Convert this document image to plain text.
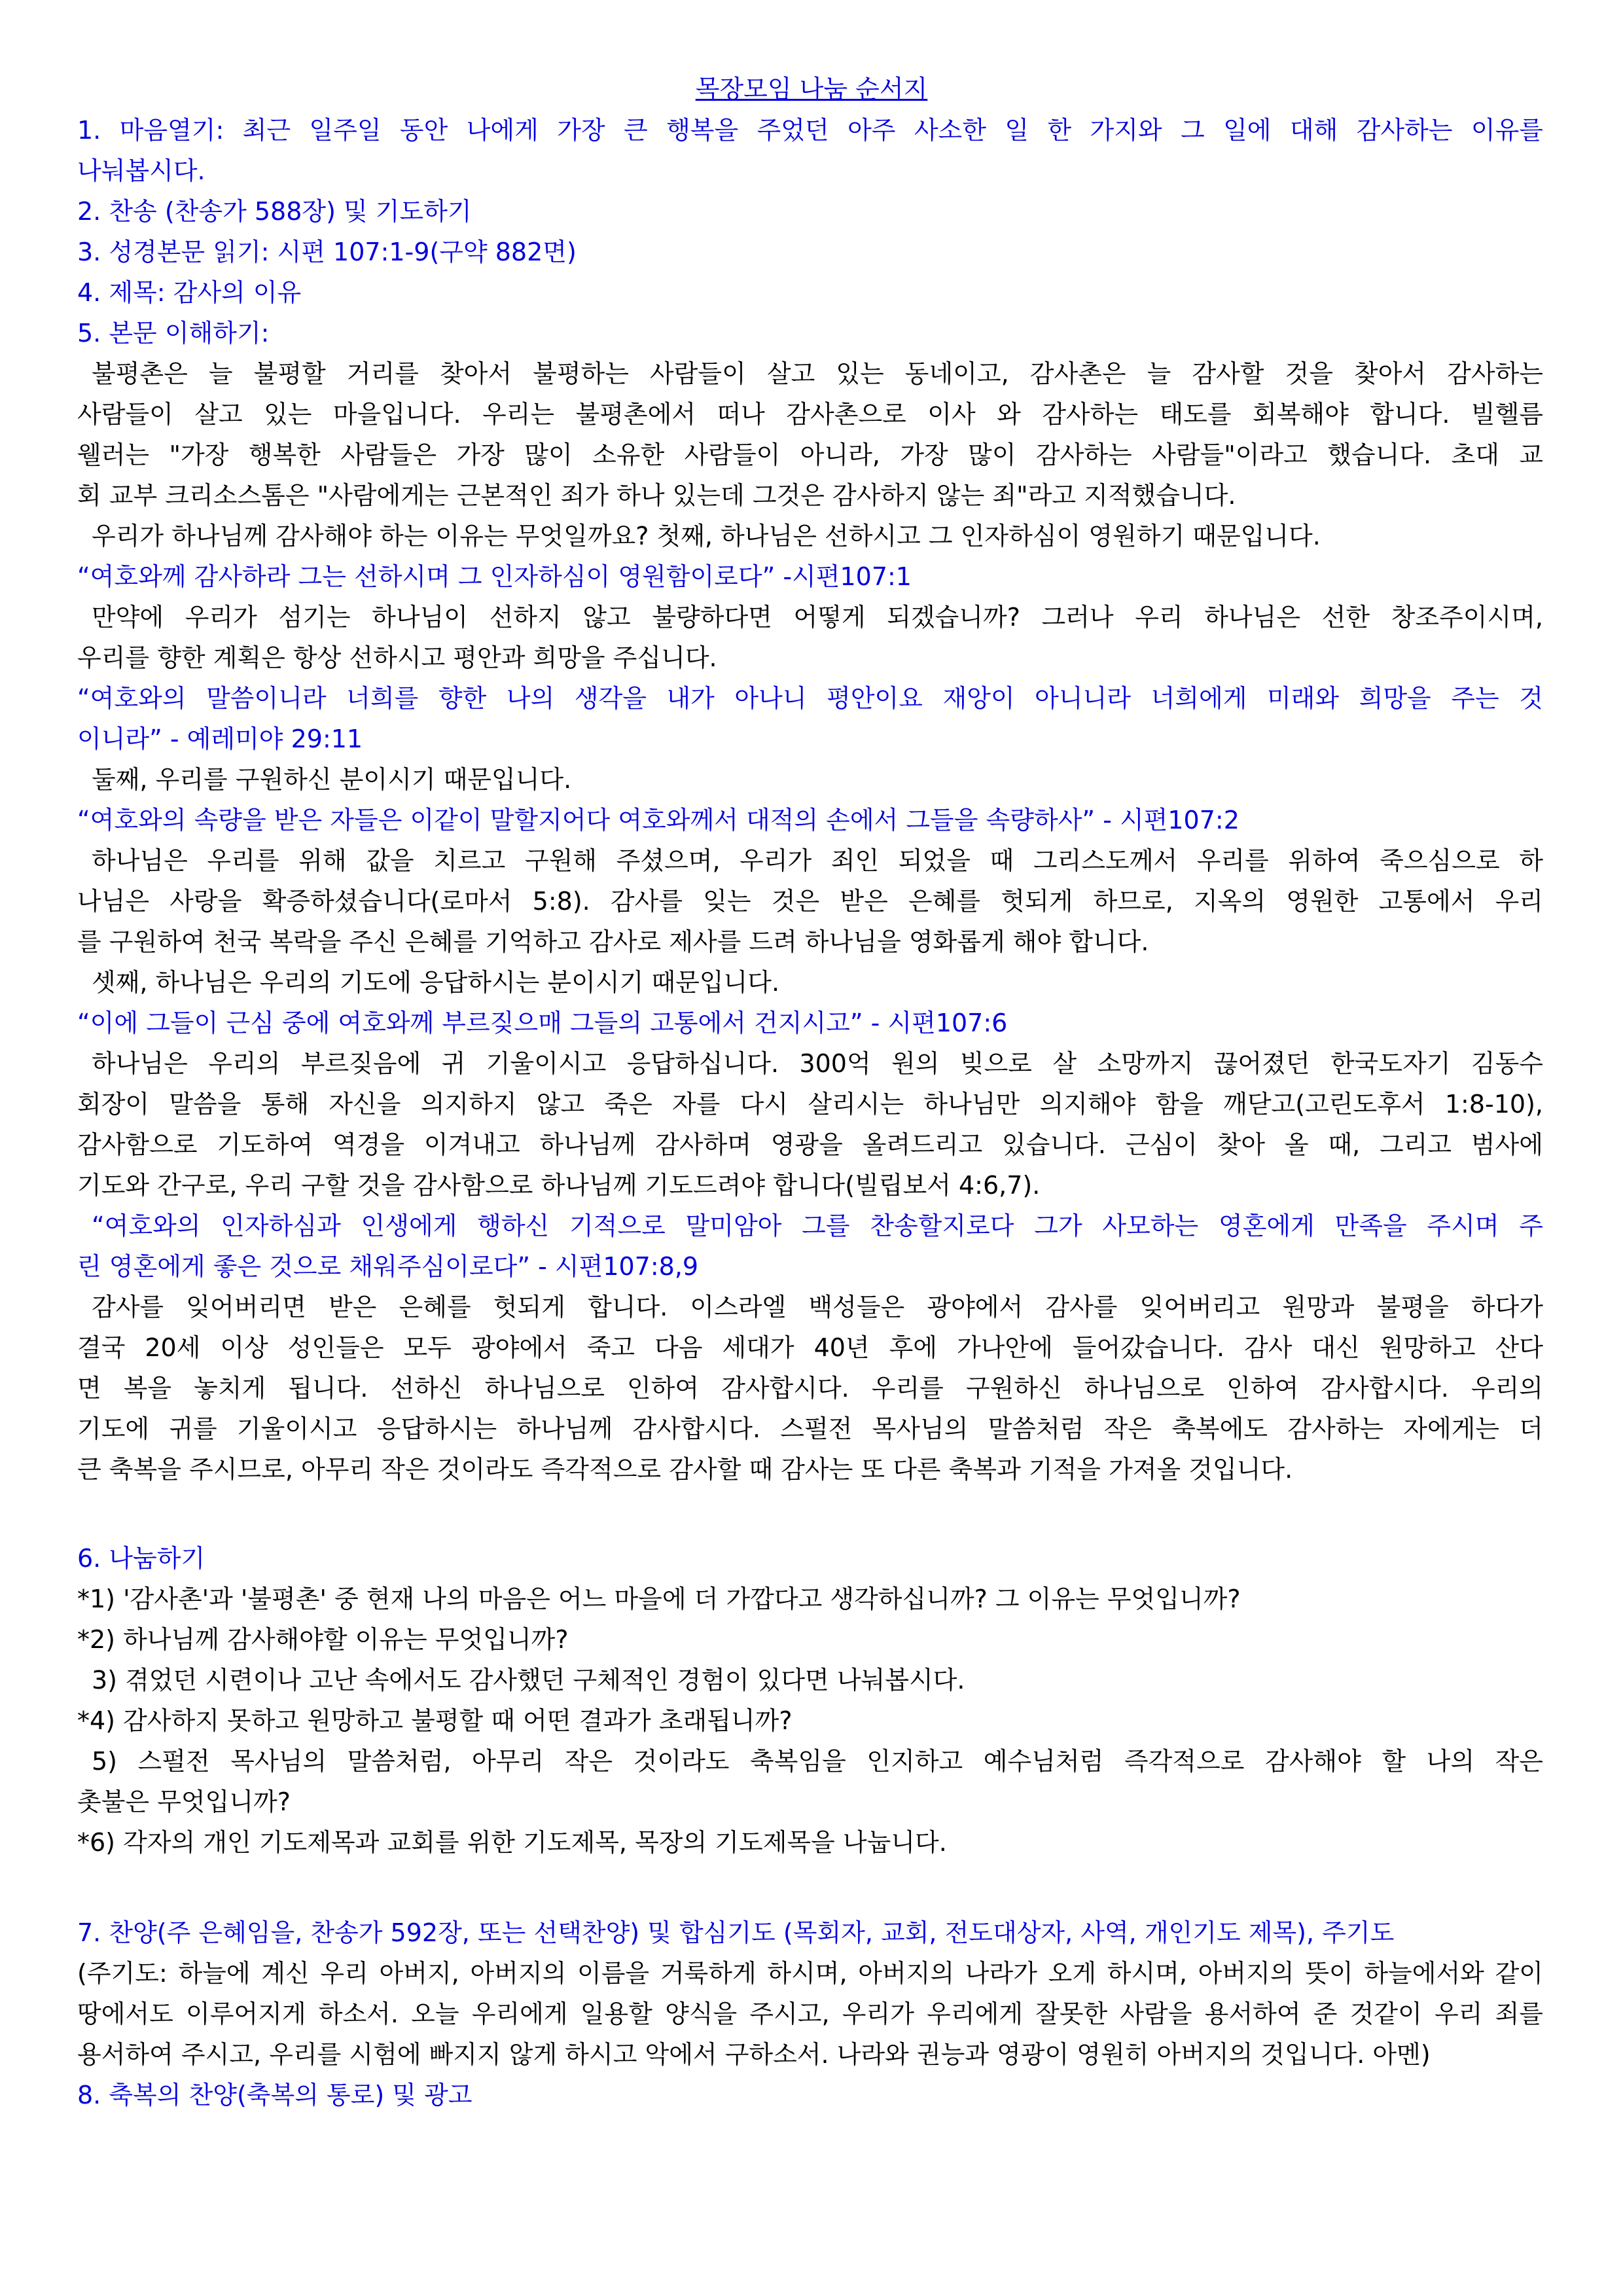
목장모임 나눔 순서지
1. 마음열기: 최근 일주일 동안 나에게 가장 큰 행복을 주었던 아주 사소한 일 한 가지와 그 일에 대해 감사하는 이유를
나눠봅시다.
2. 찬송 (찬송가 588장) 및 기도하기
3. 성경본문 읽기: 시편 107:1-9(구약 882면)
4. 제목: 감사의 이유
5. 본문 이해하기:
불평촌은 늘 불평할 거리를 찾아서 불평하는 사람들이 살고 있는 동네이고, 감사촌은 늘 감사할 것을 찾아서 감사하는
사람들이 살고 있는 마을입니다. 우리는 불평촌에서 떠나 감사촌으로 이사 와 감사하는 태도를 회복해야 합니다. 빌헬름
웰러는 "가장 행복한 사람들은 가장 많이 소유한 사람들이 아니라, 가장 많이 감사하는 사람들"이라고 했습니다. 초대 교
회 교부 크리소스톰은 "사람에게는 근본적인 죄가 하나 있는데 그것은 감사하지 않는 죄"라고 지적했습니다.
우리가 하나님께 감사해야 하는 이유는 무엇일까요? 첫째, 하나님은 선하시고 그 인자하심이 영원하기 때문입니다.
“여호와께 감사하라 그는 선하시며 그 인자하심이 영원함이로다” -시편107:1
만약에 우리가 섬기는 하나님이 선하지 않고 불량하다면 어떻게 되겠습니까? 그러나 우리 하나님은 선한 창조주이시며,
우리를 향한 계획은 항상 선하시고 평안과 희망을 주십니다.
“여호와의 말씀이니라 너희를 향한 나의 생각을 내가 아나니 평안이요 재앙이 아니니라 너희에게 미래와 희망을 주는 것
이니라” - 예레미야 29:11
둘째, 우리를 구원하신 분이시기 때문입니다.
“여호와의 속량을 받은 자들은 이같이 말할지어다 여호와께서 대적의 손에서 그들을 속량하사” - 시편107:2
하나님은 우리를 위해 값을 치르고 구원해 주셨으며, 우리가 죄인 되었을 때 그리스도께서 우리를 위하여 죽으심으로 하
나님은 사랑을 확증하셨습니다(로마서 5:8). 감사를 잊는 것은 받은 은혜를 헛되게 하므로, 지옥의 영원한 고통에서 우리
를 구원하여 천국 복락을 주신 은혜를 기억하고 감사로 제사를 드려 하나님을 영화롭게 해야 합니다.
셋째, 하나님은 우리의 기도에 응답하시는 분이시기 때문입니다.
“이에 그들이 근심 중에 여호와께 부르짖으매 그들의 고통에서 건지시고” - 시편107:6
하나님은 우리의 부르짖음에 귀 기울이시고 응답하십니다. 300억 원의 빚으로 살 소망까지 끊어졌던 한국도자기 김동수
회장이 말씀을 통해 자신을 의지하지 않고 죽은 자를 다시 살리시는 하나님만 의지해야 함을 깨닫고(고린도후서 1:8-10),
감사함으로 기도하여 역경을 이겨내고 하나님께 감사하며 영광을 올려드리고 있습니다. 근심이 찾아 올 때, 그리고 범사에
기도와 간구로, 우리 구할 것을 감사함으로 하나님께 기도드려야 합니다(빌립보서 4:6,7).
“여호와의 인자하심과 인생에게 행하신 기적으로 말미암아 그를 찬송할지로다 그가 사모하는 영혼에게 만족을 주시며 주
린 영혼에게 좋은 것으로 채워주심이로다” - 시편107:8,9
감사를 잊어버리면 받은 은혜를 헛되게 합니다. 이스라엘 백성들은 광야에서 감사를 잊어버리고 원망과 불평을 하다가
결국 20세 이상 성인들은 모두 광야에서 죽고 다음 세대가 40년 후에 가나안에 들어갔습니다. 감사 대신 원망하고 산다
면 복을 놓치게 됩니다. 선하신 하나님으로 인하여 감사합시다. 우리를 구원하신 하나님으로 인하여 감사합시다. 우리의
기도에 귀를 기울이시고 응답하시는 하나님께 감사합시다. 스펄전 목사님의 말씀처럼 작은 축복에도 감사하는 자에게는 더
큰 축복을 주시므로, 아무리 작은 것이라도 즉각적으로 감사할 때 감사는 또 다른 축복과 기적을 가져올 것입니다.
6. 나눔하기
*1) '감사촌'과 '불평촌' 중 현재 나의 마음은 어느 마을에 더 가깝다고 생각하십니까? 그 이유는 무엇입니까?
*2) 하나님께 감사해야할 이유는 무엇입니까?
3) 겪었던 시련이나 고난 속에서도 감사했던 구체적인 경험이 있다면 나눠봅시다.
*4) 감사하지 못하고 원망하고 불평할 때 어떤 결과가 초래됩니까?
5) 스펄전 목사님의 말씀처럼, 아무리 작은 것이라도 축복임을 인지하고 예수님처럼 즉각적으로 감사해야 할 나의 작은
촛불은 무엇입니까?
*6) 각자의 개인 기도제목과 교회를 위한 기도제목, 목장의 기도제목을 나눕니다.
7. 찬양(주 은혜임을, 찬송가 592장, 또는 선택찬양) 및 합심기도 (목회자, 교회, 전도대상자, 사역, 개인기도 제목), 주기도
(주기도: 하늘에 계신 우리 아버지, 아버지의 이름을 거룩하게 하시며, 아버지의 나라가 오게 하시며, 아버지의 뜻이 하늘에서와 같이
땅에서도 이루어지게 하소서. 오늘 우리에게 일용할 양식을 주시고, 우리가 우리에게 잘못한 사람을 용서하여 준 것같이 우리 죄를
용서하여 주시고, 우리를 시험에 빠지지 않게 하시고 악에서 구하소서. 나라와 권능과 영광이 영원히 아버지의 것입니다. 아멘)
8. 축복의 찬양(축복의 통로) 및 광고
